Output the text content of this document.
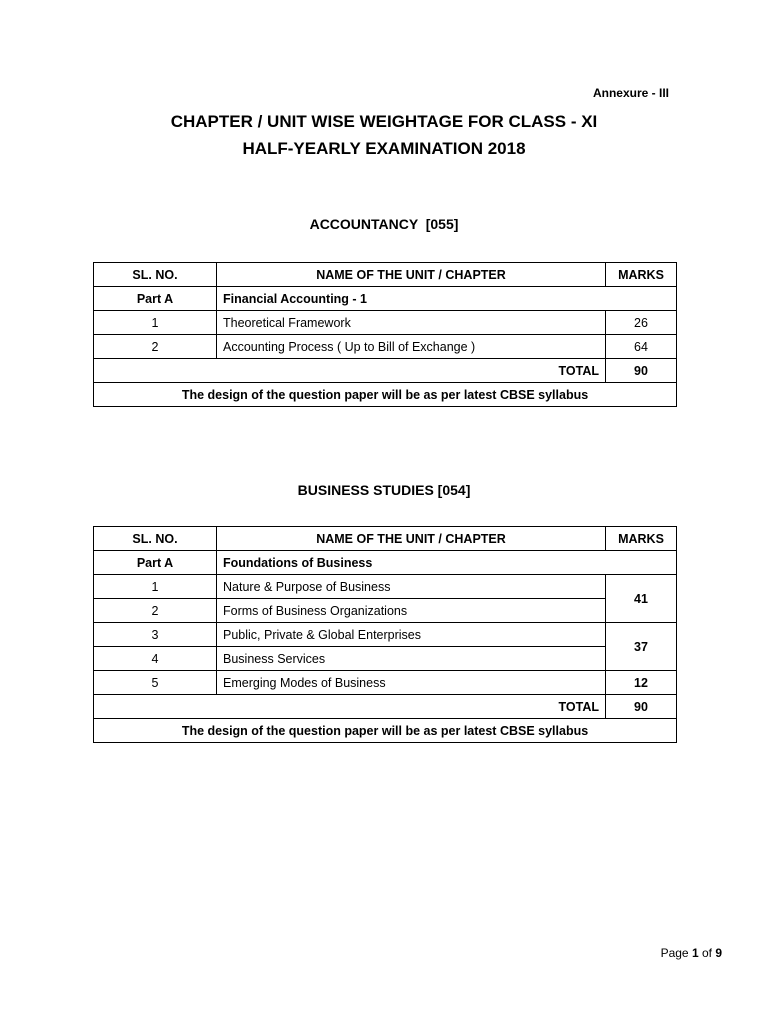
Annexure - III
CHAPTER / UNIT WISE WEIGHTAGE FOR CLASS - XI
HALF-YEARLY EXAMINATION 2018
ACCOUNTANCY  [055]
SL. NO.	NAME OF THE UNIT / CHAPTER	MARKS
Part A	Financial Accounting - 1	
1	Theoretical Framework	26
2	Accounting Process ( Up to Bill of Exchange )	64
TOTAL		90
The design of the question paper will be as per latest CBSE syllabus		
BUSINESS STUDIES [054]
SL. NO.	NAME OF THE UNIT / CHAPTER	MARKS
Part A	Foundations of Business	
1	Nature & Purpose of Business	41
2	Forms of Business Organizations	
3	Public, Private & Global Enterprises	37
4	Business Services	
5	Emerging Modes of Business	12
TOTAL		90
The design of the question paper will be as per latest CBSE syllabus		
Page 1 of 9
